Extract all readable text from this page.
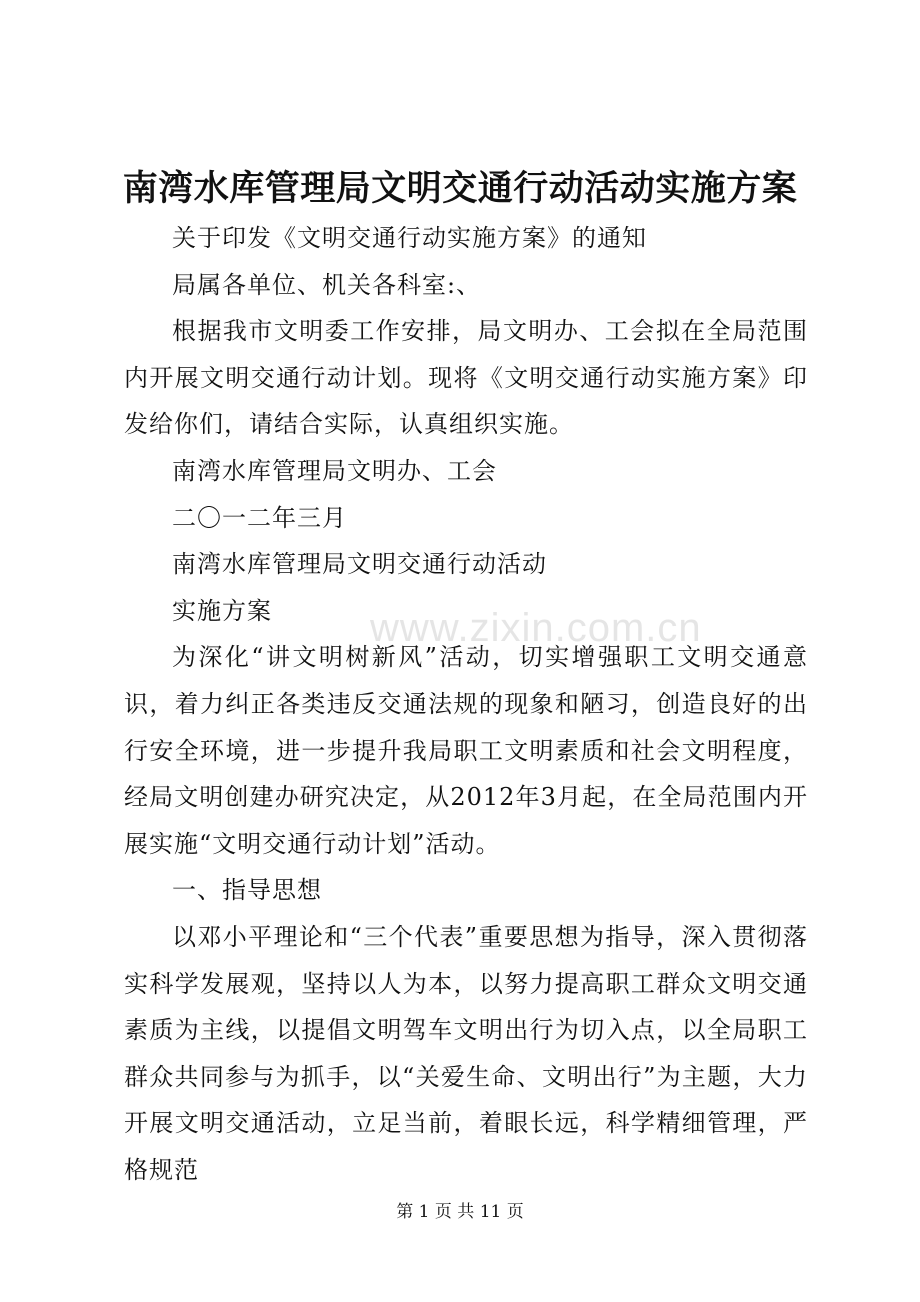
南湾水库管理局文明交通行动活动实施方案

关于印发《文明交通行动实施方案》的通知

局属各单位、机关各科室:、

根据我市文明委工作安排，局文明办、工会拟在全局范围内开展文明交通行动计划。现将《文明交通行动实施方案》印发给你们，请结合实际，认真组织实施。

南湾水库管理局文明办、工会

二〇一二年三月

南湾水库管理局文明交通行动活动

实施方案

为深化“讲文明树新风”活动，切实增强职工文明交通意识，着力纠正各类违反交通法规的现象和陋习，创造良好的出行安全环境，进一步提升我局职工文明素质和社会文明程度，经局文明创建办研究决定，从2012年3月起，在全局范围内开展实施“文明交通行动计划”活动。

一、指导思想

以邓小平理论和“三个代表”重要思想为指导，深入贯彻落实科学发展观，坚持以人为本，以努力提高职工群众文明交通素质为主线，以提倡文明驾车文明出行为切入点，以全局职工群众共同参与为抓手，以“关爱生命、文明出行”为主题，大力开展文明交通活动，立足当前，着眼长远，科学精细管理，严格规范

www.zixin.com.cn
第 1 页 共 11 页
